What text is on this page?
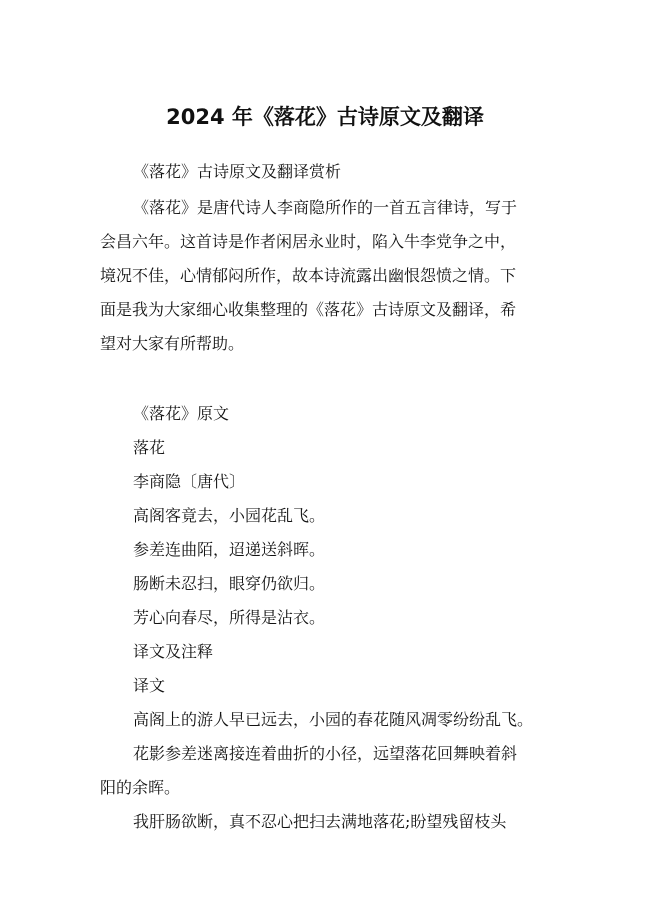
2024 年《落花》古诗原文及翻译
《落花》古诗原文及翻译赏析
《落花》是唐代诗人李商隐所作的一首五言律诗，写于
会昌六年。这首诗是作者闲居永业时，陷入牛李党争之中，
境况不佳，心情郁闷所作，故本诗流露出幽恨怨愤之情。下
面是我为大家细心收集整理的《落花》古诗原文及翻译，希
望对大家有所帮助。
《落花》原文
落花
李商隐〔唐代〕
高阁客竟去，小园花乱飞。
参差连曲陌，迢递送斜晖。
肠断未忍扫，眼穿仍欲归。
芳心向春尽，所得是沾衣。
译文及注释
译文
高阁上的游人早已远去，小园的春花随风凋零纷纷乱飞。
花影参差迷离接连着曲折的小径，远望落花回舞映着斜
阳的余晖。
我肝肠欲断，真不忍心把扫去满地落花;盼望残留枝头
